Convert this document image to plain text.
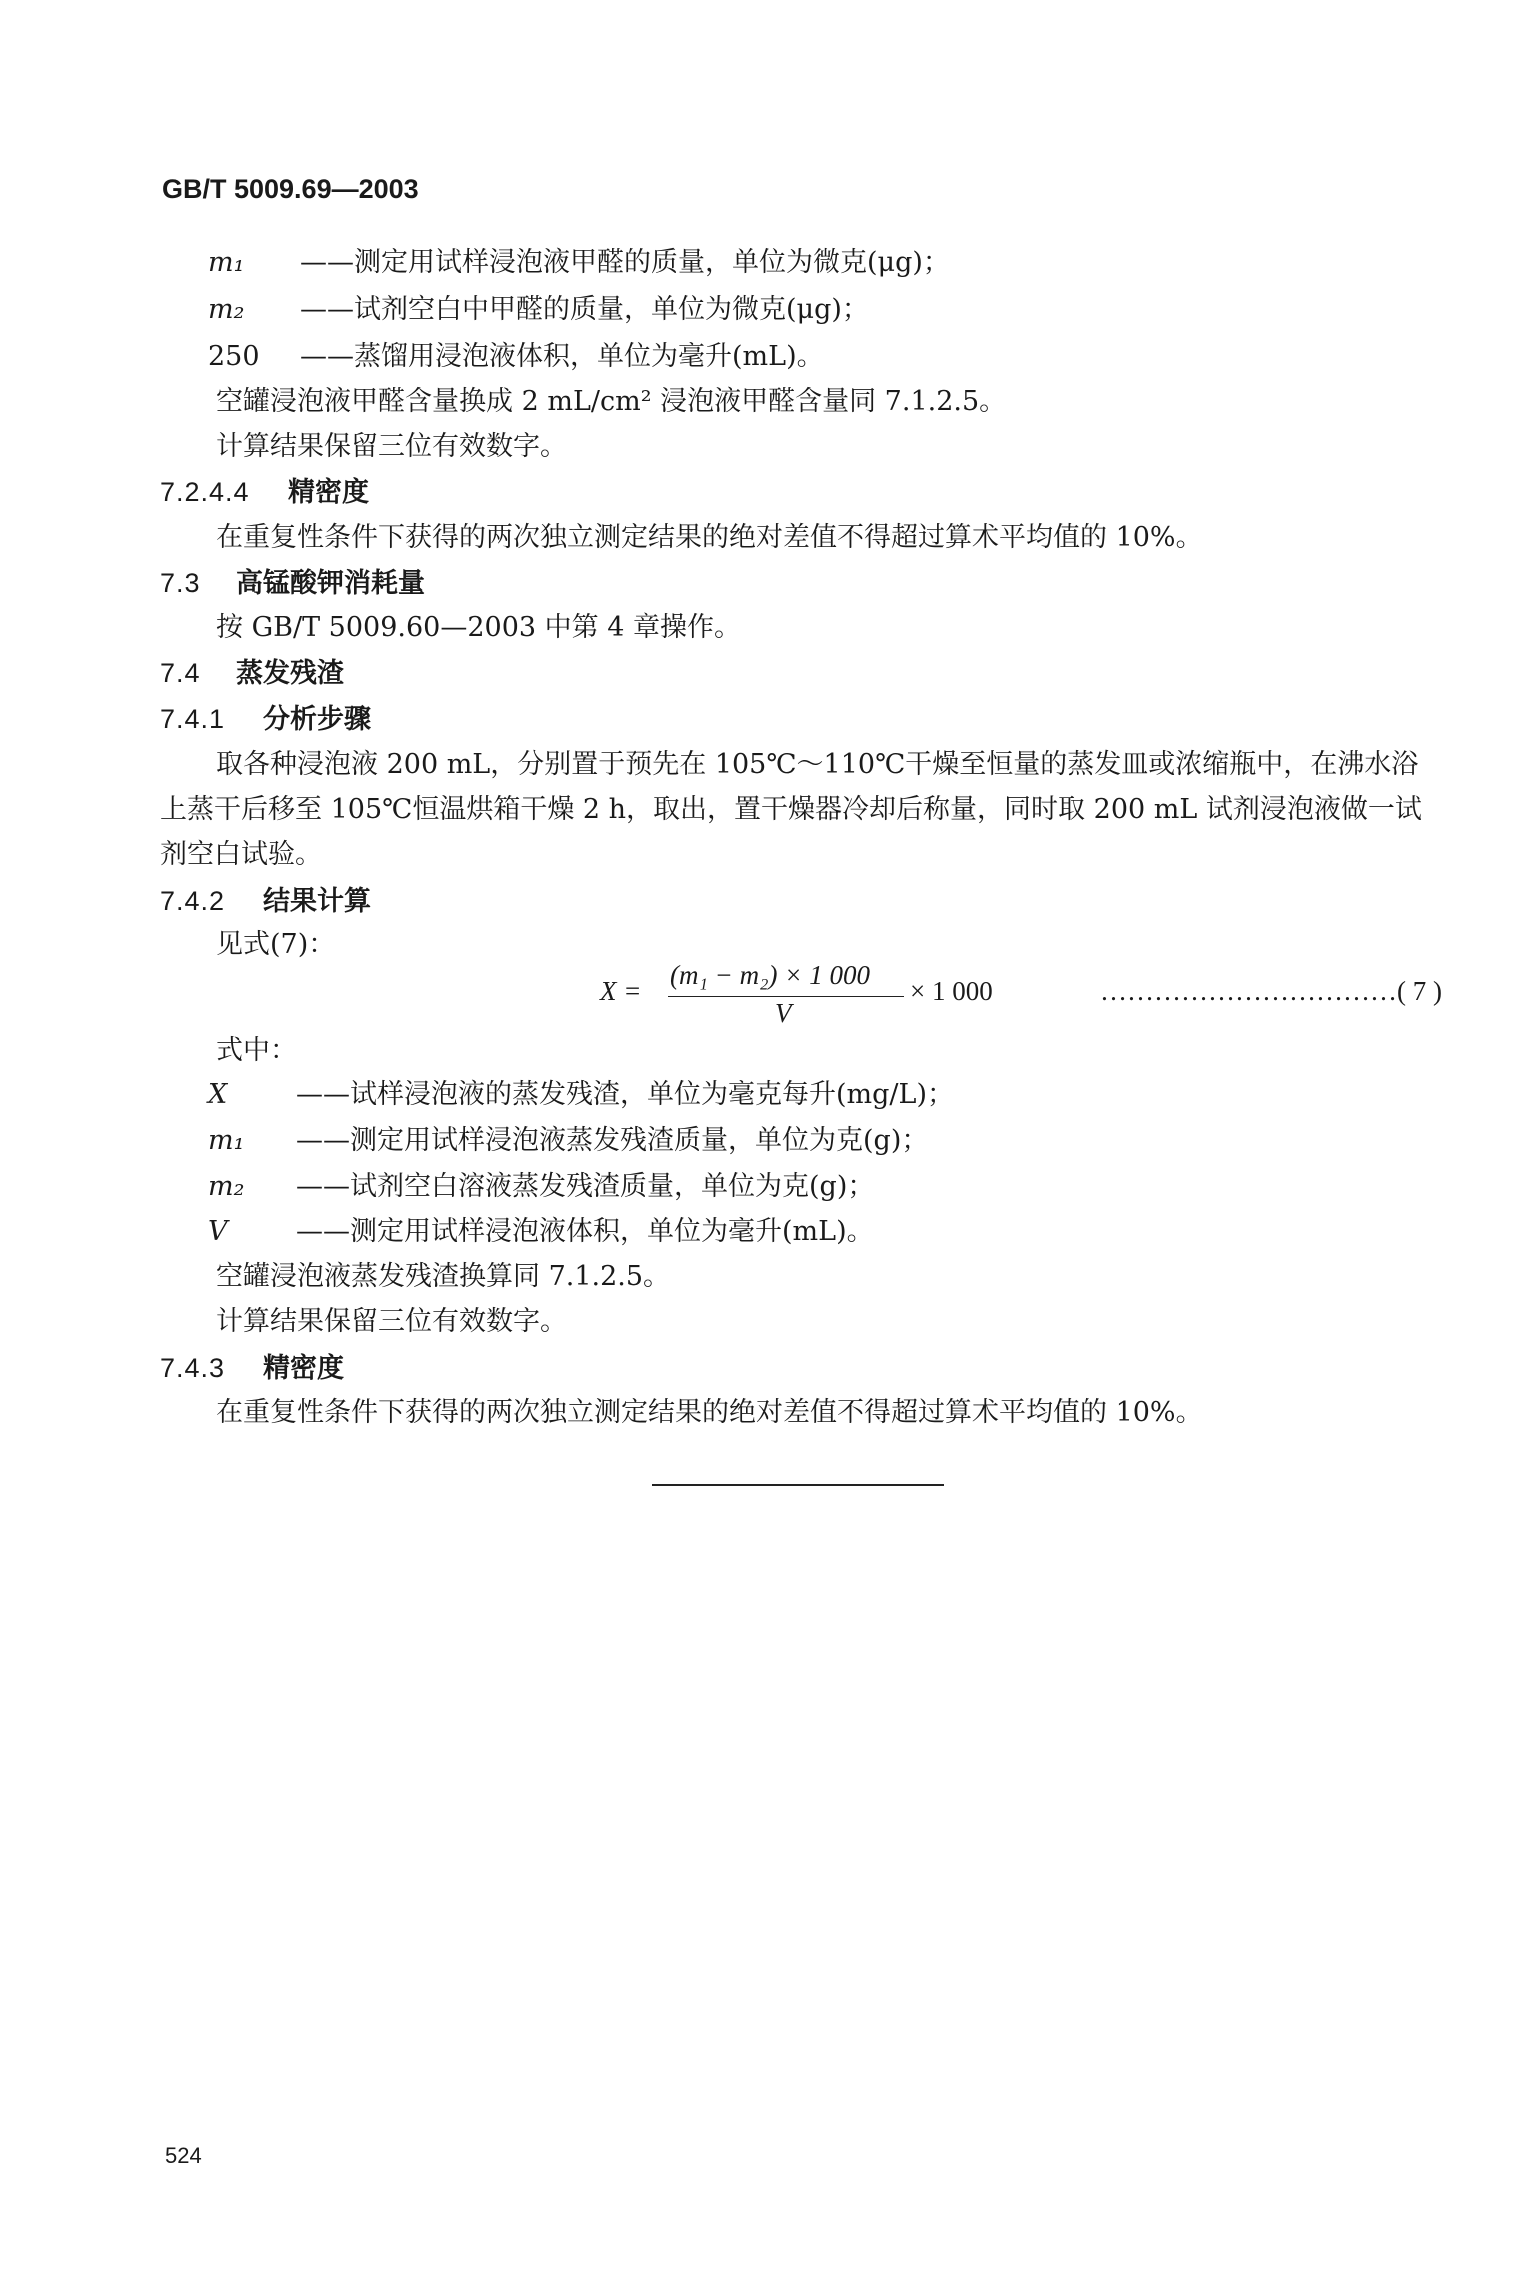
GB/T 5009.69—2003
m₁ ——测定用试样浸泡液甲醛的质量，单位为微克(μg)；
m₂ ——试剂空白中甲醛的质量，单位为微克(μg)；
250 ——蒸馏用浸泡液体积，单位为毫升(mL)。
空罐浸泡液甲醛含量换成 2 mL/cm² 浸泡液甲醛含量同 7.1.2.5。
计算结果保留三位有效数字。
7.2.4.4 精密度
在重复性条件下获得的两次独立测定结果的绝对差值不得超过算术平均值的 10%。
7.3 高锰酸钾消耗量
按 GB/T 5009.60—2003 中第 4 章操作。
7.4 蒸发残渣
7.4.1 分析步骤
取各种浸泡液 200 mL，分别置于预先在 105℃～110℃干燥至恒量的蒸发皿或浓缩瓶中，在沸水浴
上蒸干后移至 105℃恒温烘箱干燥 2 h，取出，置干燥器冷却后称量，同时取 200 mL 试剂浸泡液做一试
剂空白试验。
7.4.2 结果计算
见式(7)：
X =
(m₁ − m₂) × 1 000
V
× 1 000	……………………………( 7 )
式中：
X	——试样浸泡液的蒸发残渣，单位为毫克每升(mg/L)；
m₁ ——测定用试样浸泡液蒸发残渣质量，单位为克(g)；
m₂ ——试剂空白溶液蒸发残渣质量，单位为克(g)；
V	——测定用试样浸泡液体积，单位为毫升(mL)。
空罐浸泡液蒸发残渣换算同 7.1.2.5。
计算结果保留三位有效数字。
7.4.3 精密度
在重复性条件下获得的两次独立测定结果的绝对差值不得超过算术平均值的 10%。
524
